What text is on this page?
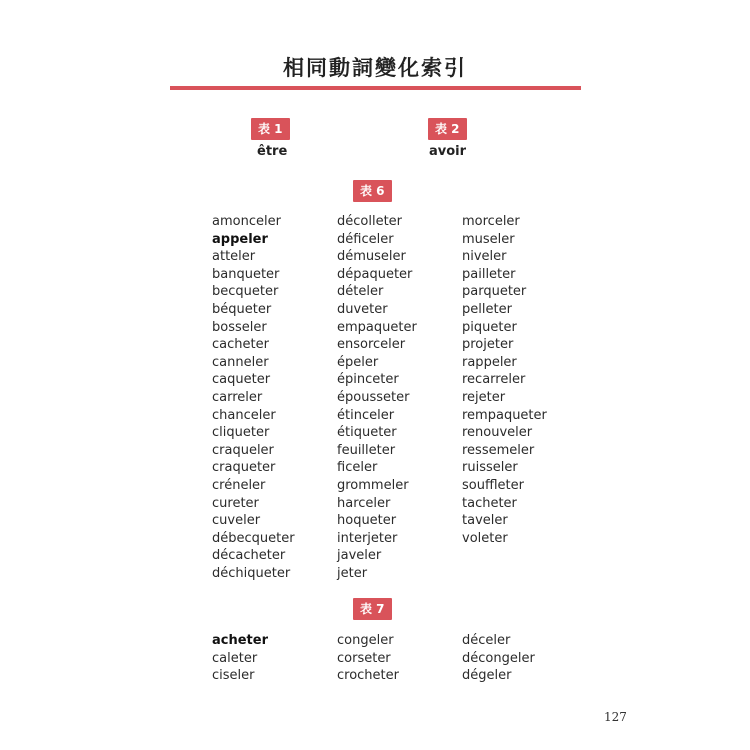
相同動詞變化索引
表 1
être
表 2
avoir
表 6
amonceler
appeler
atteler
banqueter
becqueter
béqueter
bosseler
cacheter
canneler
caqueter
carreler
chanceler
cliqueter
craqueler
craqueter
créneler
cureter
cuveler
débecqueter
décacheter
déchiqueter
décolleter
déficeler
démuseler
dépaqueter
dételer
duveter
empaqueter
ensorceler
épeler
épinceter
épousseter
étinceler
étiqueter
feuilleter
ficeler
grommeler
harceler
hoqueter
interjeter
javeler
jeter
morceler
museler
niveler
pailleter
parqueter
pelleter
piqueter
projeter
rappeler
recarreler
rejeter
rempaqueter
renouveler
ressemeler
ruisseler
souffleter
tacheter
taveler
voleter
表 7
acheter
caleter
ciseler
congeler
corseter
crocheter
déceler
décongeler
dégeler
127
